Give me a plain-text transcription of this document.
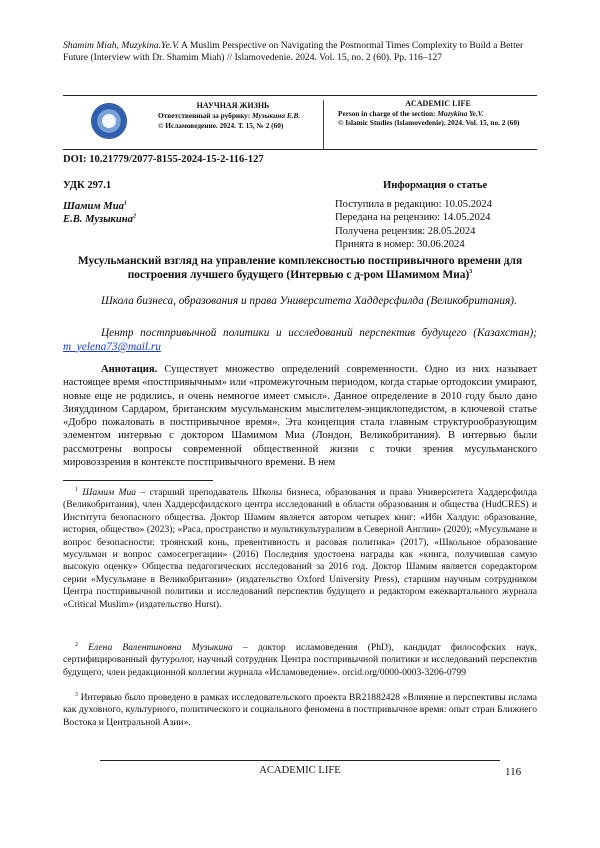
Shamim Miah, Muzykina.Ye.V. A Muslim Perspective on Navigating the Postnormal Times Complexity to Build a Better Future (Interview with Dr. Shamim Miah) // Islamovedenie. 2024. Vol. 15, no. 2 (60). Pp. 116–127
НАУЧНАЯ ЖИЗНЬ
Ответственный за рубрику: Музыкина Е.В.
© Исламоведение. 2024. Т. 15, № 2 (60)
ACADEMIC LIFE
Person in charge of the section: Muzykina Ye.V.
© Islamic Studies (Islamovedenie). 2024. Vol. 15, no. 2 (60)
DOI: 10.21779/2077-8155-2024-15-2-116-127
УДК 297.1
Шамим Миа$^1$
Е.В. Музыкина$^2$
Информация о статье
Поступила в редакцию: 10.05.2024
Передана на рецензию: 14.05.2024
Получена рецензия: 28.05.2024
Принята в номер: 30.06.2024
Мусульманский взгляд на управление комплексностью постпривычного времени для построения лучшего будущего (Интервью с д-ром Шамимом Миа)$^3$
Школа бизнеса, образования и права Университета Хаддерсфилда (Великобритания).
Центр постпривычной политики и исследований перспектив будущего (Казахстан); m_yelena73@mail.ru
Аннотация. Существует множество определений современности. Одно из них называет настоящее время «постпривычным» или «промежуточным периодом, когда старые ортодоксии умирают, новые еще не родились, и очень немногое имеет смысл». Данное определение в 2010 году было дано Зияуддином Сардаром, британским мусульманским мыслителем-энциклопедистом, в ключевой статье «Добро пожаловать в постпривычное время». Эта концепция стала главным структурообразующим элементом интервью с доктором Шамимом Миа (Лондон, Великобритания). В интервью были рассмотрены вопросы современной общественной жизни с точки зрения мусульманского мировоззрения в контексте постпривычного времени. В нем
$^1$ Шамим Миа – старший преподаватель Школы бизнеса, образования и права Университета Хаддерсфилда (Великобритания), член Хаддерсфилдского центра исследований в области образования и общества (HudCRES) и Института безопасного общества. Доктор Шамим является автором четырех книг: «Ибн Халдун: образование, история, общество» (2023); «Раса, пространство и мультикультурализм в Северной Англии» (2020); «Мусульмане и вопрос безопасности: троянский конь, превентивность и расовая политика» (2017), «Школьное образование мусульман и вопрос самосегрегации» (2016) Последняя удостоена награды как «книга, получившая самую высокую оценку» Общества педагогических исследований за 2016 год. Доктор Шамим является соредактором серии «Мусульмане в Великобритании» (издательство Oxford University Press), старшим научным сотрудником Центра постпривычной политики и исследований перспектив будущего и редактором ежеквартального журнала «Critical Muslim» (издательство Hurst).
$^2$ Елена Валентиновна Музыкина – доктор исламоведения (PhD), кандидат философских наук, сертифицированный футуролог, научный сотрудник Центра постпривычной политики и исследований перспектив будущего, член редакционной коллегии журнала «Исламоведение». orcid.org/0000-0003-3206-0799
$^3$ Интервью было проведено в рамках исследовательского проекта BR21882428 «Влияние и перспективы ислама как духовного, культурного, политического и социального феномена в постпривычное время: опыт стран Ближнего Востока и Центральной Азии».
ACADEMIC LIFE	116
